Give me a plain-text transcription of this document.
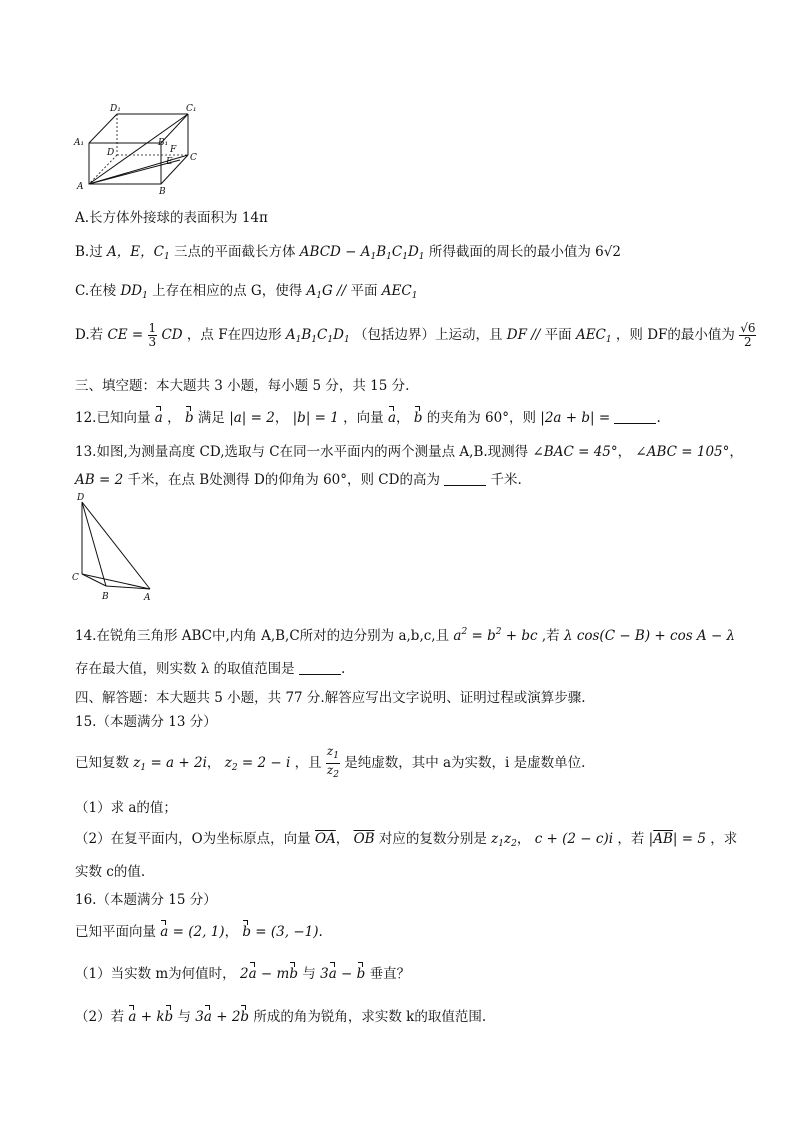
D₁	C₁
A₁	B₁
D	C
A	B
E
F
A.长方体外接球的表面积为 14π
B.过 A，E，$C_1$ 三点的平面截长方体 ABCD − $A_1B_1C_1D_1$ 所得截面的周长的最小值为 6√2
C.在棱 $DD_1$ 上存在相应的点 G，使得 $A_1G$ // 平面 $AEC_1$
D.若 CE = $\frac{1}{3}$ CD ，点 F在四边形 $A_1B_1C_1D_1$ （包括边界）上运动，且 DF // 平面 $AEC_1$ ，则 DF的最小值为 $\frac{√6}{2}$
三、填空题：本大题共 3 小题，每小题 5 分，共 15 分.
12.已知向量 a ， b 满足 |a| = 2， |b| = 1 ，向量 a， b 的夹角为 60°，则 |2a + b| =	.
13.如图,为测量高度 CD,选取与 C在同一水平面内的两个测量点 A,B.现测得 ∠BAC = 45°， ∠ABC = 105°，
AB = 2 千米，在点 B处测得 D的仰角为 60°，则 CD的高为	千米.
D
C
B	A
14.在锐角三角形 ABC中,内角 A,B,C所对的边分别为 a,b,c,且 $a^2 = b^2$ + bc ,若 λ cos(C − B) + cos A − λ
存在最大值，则实数 λ 的取值范围是	.
四、解答题：本大题共 5 小题，共 77 分.解答应写出文字说明、证明过程或演算步骤.
15.（本题满分 13 分）
已知复数 $z_1 = a + 2i$， $z_2 = 2 - i$ ，且 $\frac{z_1}{z_2}$ 是纯虚数，其中 a为实数，i 是虚数单位.
（1）求 a的值；
（2）在复平面内，O为坐标原点，向量 $\overline{OA}$， $\overline{OB}$ 对应的复数分别是 $z_1z_2$， c + (2 − c)i ，若 $|\overline{AB}| = 5$ ，求
实数 c的值.
16.（本题满分 15 分）
已知平面向量 a = (2, 1)， b = (3, −1).
（1）当实数 m为何值时， 2a − mb 与 3a − b 垂直？
（2）若 a + kb 与 3a + 2b 所成的角为锐角，求实数 k的取值范围.
